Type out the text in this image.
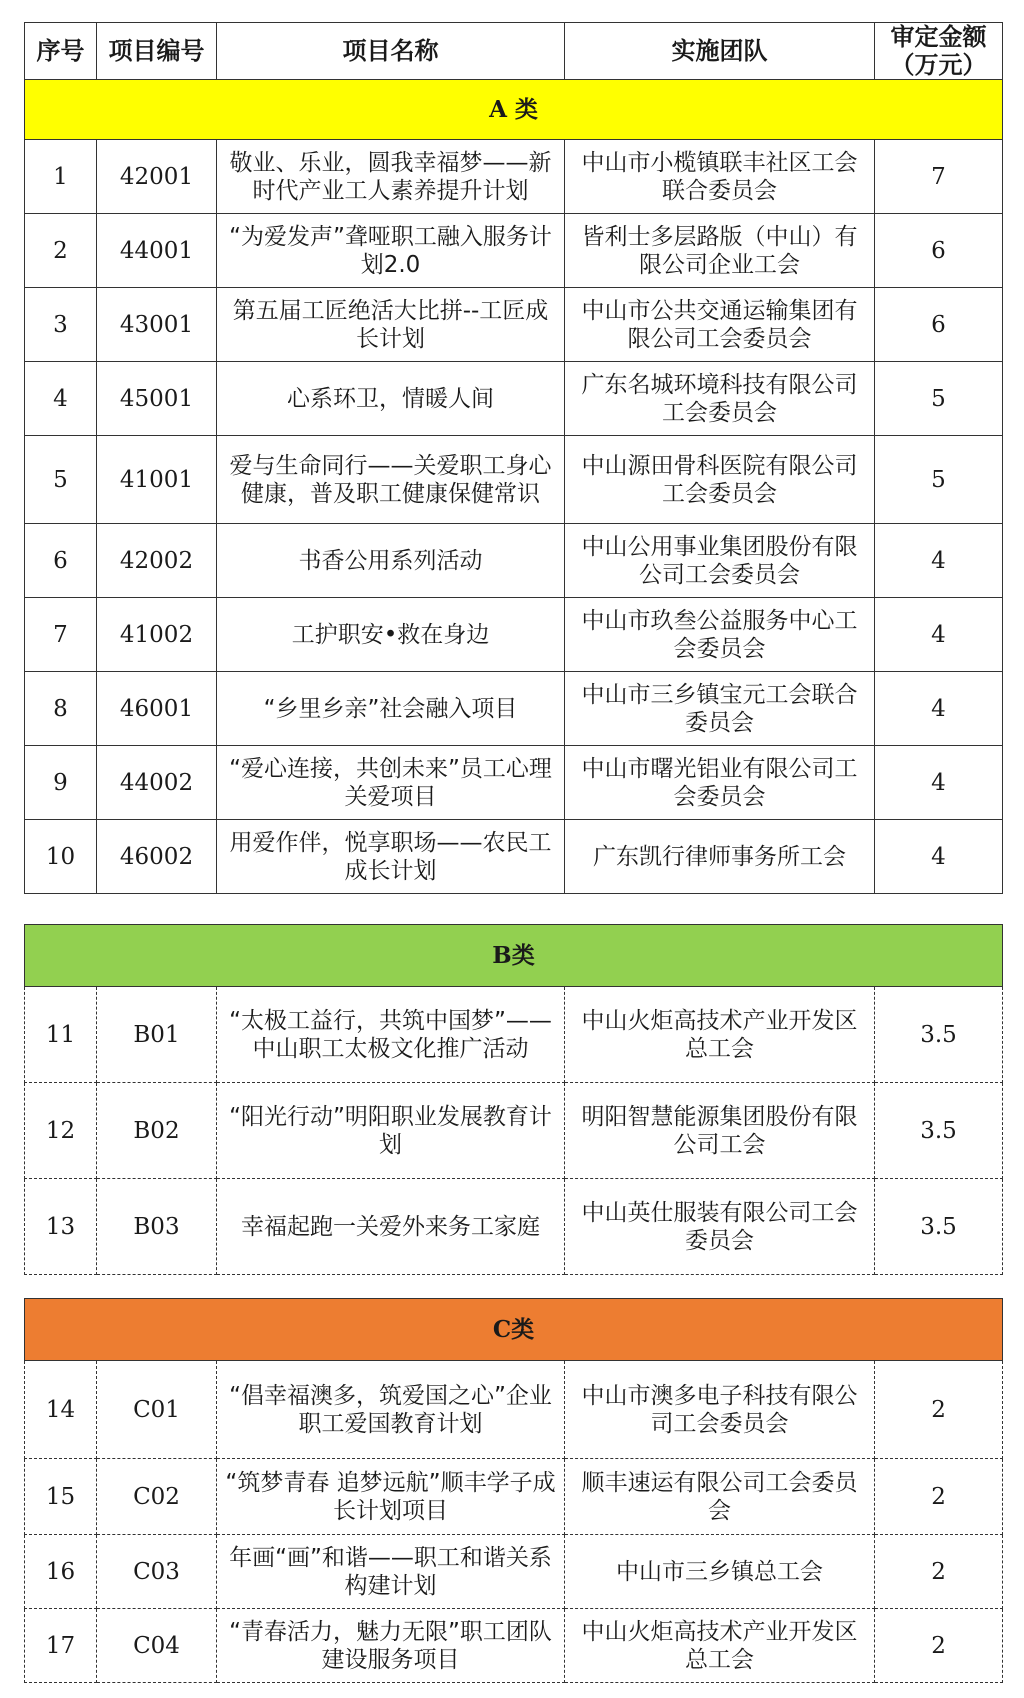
序号	项目编号	项目名称	实施团队	审定金额（万元）
A 类				
1	42001	敬业、乐业，圆我幸福梦——新时代产业工人素养提升计划	中山市小榄镇联丰社区工会联合委员会	7
2	44001	“为爱发声”聋哑职工融入服务计划2.0	皆利士多层路版（中山）有限公司企业工会	6
3	43001	第五届工匠绝活大比拼--工匠成长计划	中山市公共交通运输集团有限公司工会委员会	6
4	45001	心系环卫，情暖人间	广东名城环境科技有限公司工会委员会	5
5	41001	爱与生命同行——关爱职工身心健康，普及职工健康保健常识	中山源田骨科医院有限公司工会委员会	5
6	42002	书香公用系列活动	中山公用事业集团股份有限公司工会委员会	4
7	41002	工护职安•救在身边	中山市玖叁公益服务中心工会委员会	4
8	46001	“乡里乡亲”社会融入项目	中山市三乡镇宝元工会联合委员会	4
9	44002	“爱心连接，共创未来”员工心理关爱项目	中山市曙光铝业有限公司工会委员会	4
10	46002	用爱作伴，悦享职场——农民工成长计划	广东凯行律师事务所工会	4
B类				
11	B01	“太极工益行，共筑中国梦”——中山职工太极文化推广活动	中山火炬高技术产业开发区总工会	3.5
12	B02	“阳光行动”明阳职业发展教育计划	明阳智慧能源集团股份有限公司工会	3.5
13	B03	幸福起跑一关爱外来务工家庭	中山英仕服装有限公司工会委员会	3.5
C类				
14	C01	“倡幸福澳多，筑爱国之心”企业职工爱国教育计划	中山市澳多电子科技有限公司工会委员会	2
15	C02	“筑梦青春 追梦远航”顺丰学子成长计划项目	顺丰速运有限公司工会委员会	2
16	C03	年画“画”和谐——职工和谐关系构建计划	中山市三乡镇总工会	2
17	C04	“青春活力，魅力无限”职工团队建设服务项目	中山火炬高技术产业开发区总工会	2
